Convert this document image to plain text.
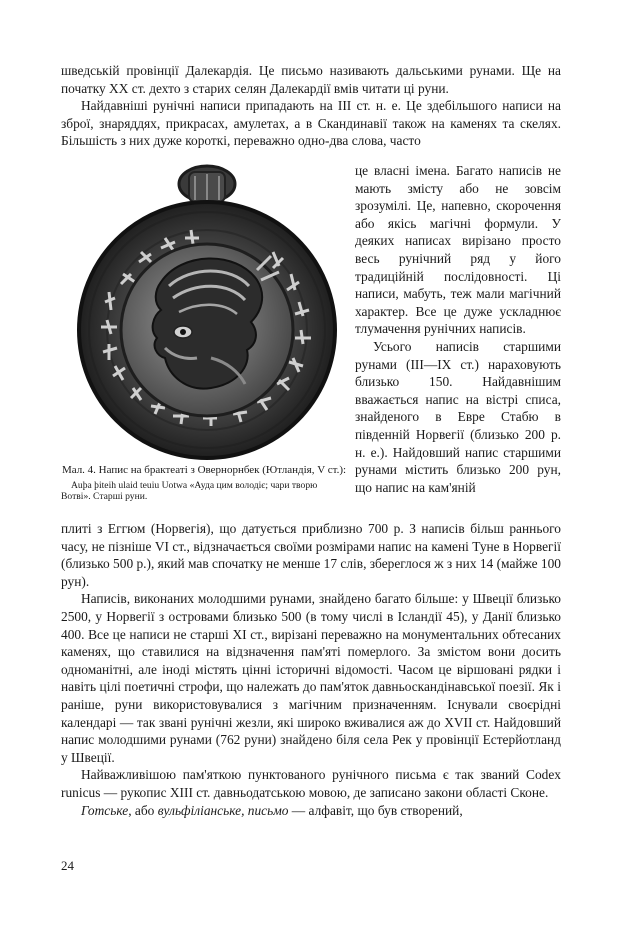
шведській провінції Далекардія. Це письмо називають дальськими рунами. Ще на початку XX ст. дехто з старих селян Далекардії вмів читати ці руни.

Найдавніші рунічні написи припадають на III ст. н. е. Це здебільшого написи на зброї, знаряддях, прикрасах, амулетах, а в Скандинавії також на каменях та скелях. Більшість з них дуже короткі, переважно одно-два слова, часто

Мал. 4. Напис на брактеаті з Овернорнбек (Ютландія, V ст.):
Auþa þiteih ulaid teuiu Uotwa «Ауда цим володіє; чари творю Вотві». Старші руни.

це власні імена. Багато написів не мають змісту або не зовсім зрозумілі. Це, напевно, скорочення або якісь магічні формули. У деяких написах вирізано просто весь рунічний ряд у його традиційній послідовності. Ці написи, мабуть, теж мали магічний характер. Все це дуже ускладнює тлумачення рунічних написів.

Усього написів старшими рунами (III—IX ст.) нараховують близько 150. Найдавнішим вважається напис на вістрі списа, знайденого в Евре Стабю в південній Норвегії (близько 200 р. н. е.). Найдовший напис старшими рунами містить близько 200 рун, що напис на кам'яній

плиті з Еггюм (Норвегія), що датується приблизно 700 р. З написів більш раннього часу, не пізніше VI ст., відзначається своїми розмірами напис на камені Туне в Норвегії (близько 500 р.), який мав спочатку не менше 17 слів, збереглося ж з них 14 (майже 100 рун).

Написів, виконаних молодшими рунами, знайдено багато більше: у Швеції близько 2500, у Норвегії з островами близько 500 (в тому числі в Ісландії 45), у Данії близько 400. Все це написи не старші XI ст., вирізані переважно на монументальних обтесаних каменях, що ставилися на відзначення пам'яті померлого. За змістом вони досить одноманітні, але іноді містять цінні історичні відомості. Часом це віршовані рядки і навіть цілі поетичні строфи, що належать до пам'яток давньоскандінавської поезії. Як і раніше, руни використовувалися з магічним призначенням. Існували своєрідні календарі — так звані рунічні жезли, які широко вживалися аж до XVII ст. Найдовший напис молодшими рунами (762 руни) знайдено біля села Рек у провінції Естерйотланд у Швеції.

Найважливішою пам'яткою пунктованого рунічного письма є так званий Codex runicus — рукопис XIII ст. давньодатською мовою, де записано закони області Сконе.

Готське, або вульфіліанське, письмо — алфавіт, що був створений,

24
